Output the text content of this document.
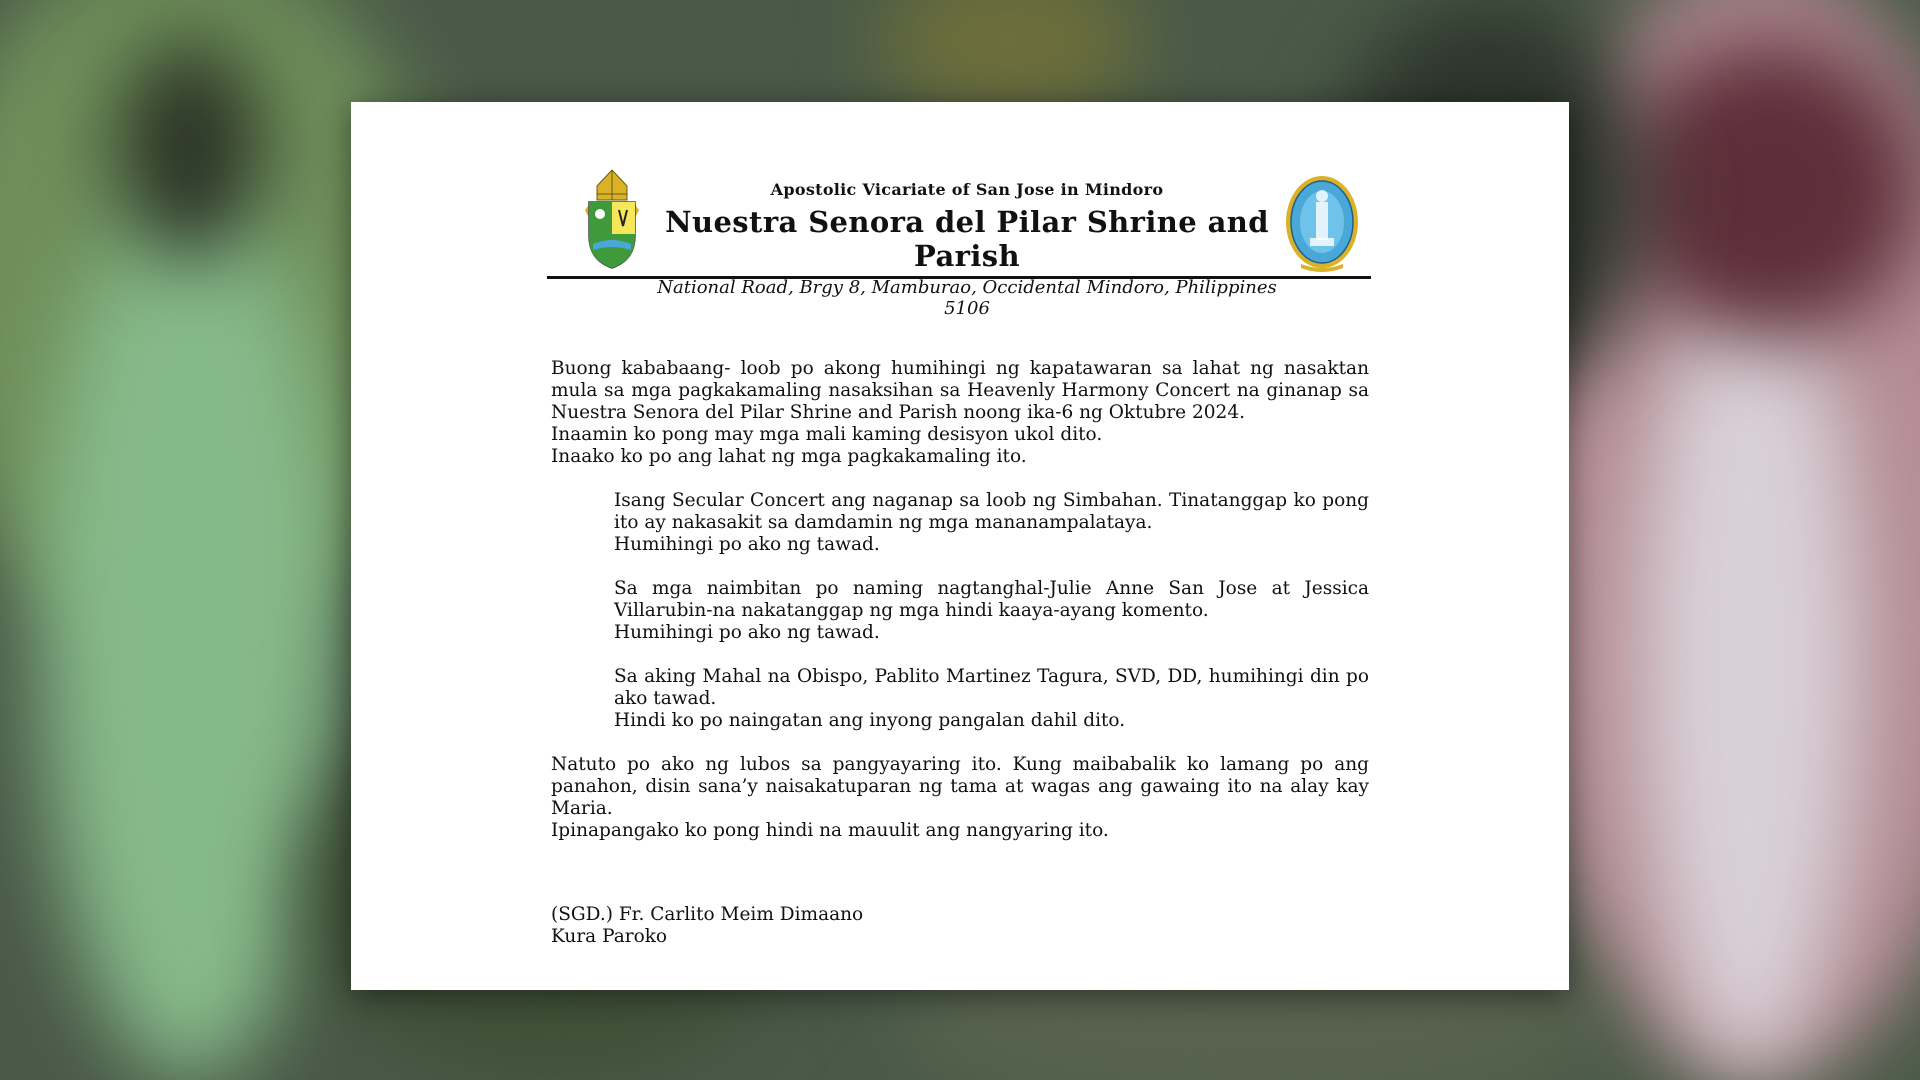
Apostolic Vicariate of San Jose in Mindoro
Nuestra Senora del Pilar Shrine and Parish
National Road, Brgy 8, Mamburao, Occidental Mindoro, Philippines 5106

Buong kababaang- loob po akong humihingi ng kapatawaran sa lahat ng nasaktan mula sa mga pagkakamaling nasaksihan sa Heavenly Harmony Concert na ginanap sa Nuestra Senora del Pilar Shrine and Parish noong ika-6 ng Oktubre 2024.

Inaamin ko pong may mga mali kaming desisyon ukol dito.

Inaako ko po ang lahat ng mga pagkakamaling ito.

Isang Secular Concert ang naganap sa loob ng Simbahan. Tinatanggap ko pong ito ay nakasakit sa damdamin ng mga mananampalataya.

Humihingi po ako ng tawad.

Sa mga naimbitan po naming nagtanghal-Julie Anne San Jose at Jessica Villarubin-na nakatanggap ng mga hindi kaaya-ayang komento.

Humihingi po ako ng tawad.

Sa aking Mahal na Obispo, Pablito Martinez Tagura, SVD, DD, humihingi din po ako tawad.

Hindi ko po naingatan ang inyong pangalan dahil dito.

Natuto po ako ng lubos sa pangyayaring ito. Kung maibabalik ko lamang po ang panahon, disin sana’y naisakatuparan ng tama at wagas ang gawaing ito na alay kay Maria.

Ipinapangako ko pong hindi na mauulit ang nangyaring ito.

(SGD.) Fr. Carlito Meim Dimaano
Kura Paroko
